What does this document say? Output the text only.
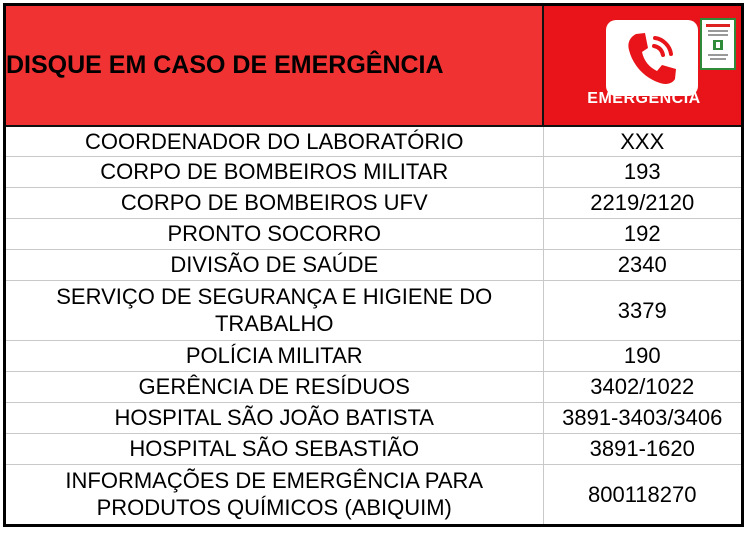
DISQUE EM CASO DE EMERGÊNCIA	EMERGÊNCIA

COORDENADOR DO LABORATÓRIO	XXX
CORPO DE BOMBEIROS MILITAR	193
CORPO DE BOMBEIROS UFV	2219/2120
PRONTO SOCORRO	192
DIVISÃO DE SAÚDE	2340
SERVIÇO DE SEGURANÇA E HIGIENE DO TRABALHO	3379
POLÍCIA MILITAR	190
GERÊNCIA DE RESÍDUOS	3402/1022
HOSPITAL SÃO JOÃO BATISTA	3891-3403/3406
HOSPITAL SÃO SEBASTIÃO	3891-1620
INFORMAÇÕES DE EMERGÊNCIA PARA PRODUTOS QUÍMICOS (ABIQUIM)	800118270
